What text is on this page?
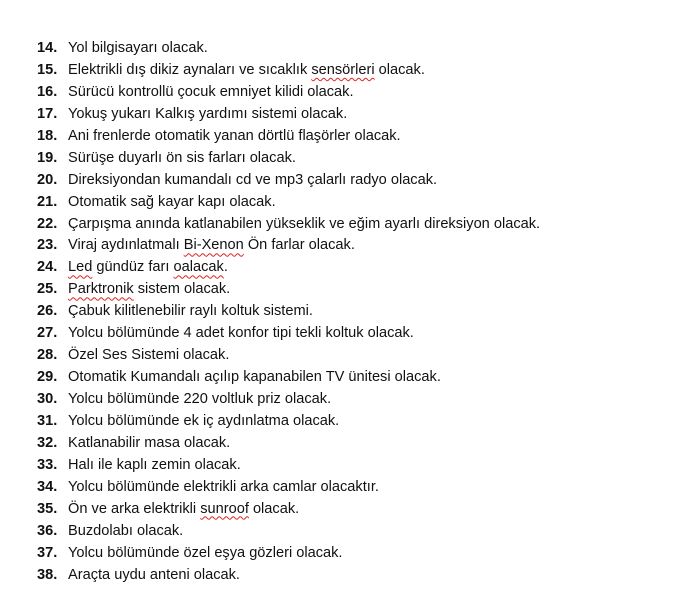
14. Yol bilgisayarı olacak.
15. Elektrikli dış dikiz aynaları ve sıcaklık sensörleri olacak.
16. Sürücü kontrollü çocuk emniyet kilidi olacak.
17. Yokuş yukarı Kalkış yardımı sistemi olacak.
18. Ani frenlerde otomatik yanan dörtlü flaşörler olacak.
19. Sürüşe duyarlı ön sis farları olacak.
20. Direksiyondan kumandalı cd ve mp3 çalarlı radyo olacak.
21. Otomatik sağ kayar kapı olacak.
22. Çarpışma anında katlanabilen yükseklik ve eğim ayarlı direksiyon olacak.
23. Viraj aydınlatmalı Bi-Xenon Ön farlar olacak.
24. Led gündüz farı oalacak.
25. Parktronik sistem olacak.
26. Çabuk kilitlenebilir raylı koltuk sistemi.
27. Yolcu bölümünde 4 adet konfor tipi tekli koltuk olacak.
28. Özel Ses Sistemi olacak.
29. Otomatik Kumandalı açılıp kapanabilen TV ünitesi olacak.
30. Yolcu bölümünde 220 voltluk priz olacak.
31. Yolcu bölümünde ek iç aydınlatma olacak.
32. Katlanabilir masa olacak.
33. Halı ile kaplı zemin olacak.
34. Yolcu bölümünde elektrikli arka camlar olacaktır.
35. Ön ve arka elektrikli sunroof olacak.
36. Buzdolabı olacak.
37. Yolcu bölümünde özel eşya gözleri olacak.
38. Araçta uydu anteni olacak.
